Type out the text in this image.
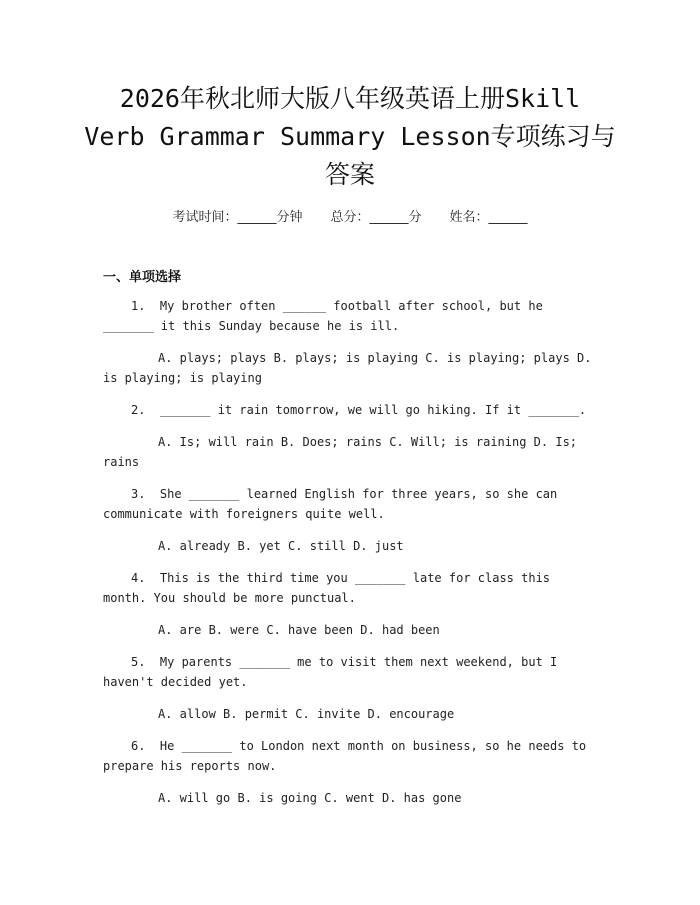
2026年秋北师大版八年级英语上册Skill
Verb Grammar Summary Lesson专项练习与
答案
考试时间：______分钟 总分：______分 姓名：______
一、单项选择

1.  My brother often ______ football after school, but he _______ it this Sunday because he is ill.

A. plays; plays B. plays; is playing C. is playing; plays D. is playing; is playing

2.  _______ it rain tomorrow, we will go hiking. If it _______.

A. Is; will rain B. Does; rains C. Will; is raining D. Is; rains

3.  She _______ learned English for three years, so she can communicate with foreigners quite well.

A. already B. yet C. still D. just

4.  This is the third time you _______ late for class this month. You should be more punctual.

A. are B. were C. have been D. had been

5.  My parents _______ me to visit them next weekend, but I haven't decided yet.

A. allow B. permit C. invite D. encourage

6.  He _______ to London next month on business, so he needs to prepare his reports now.

A. will go B. is going C. went D. has gone
